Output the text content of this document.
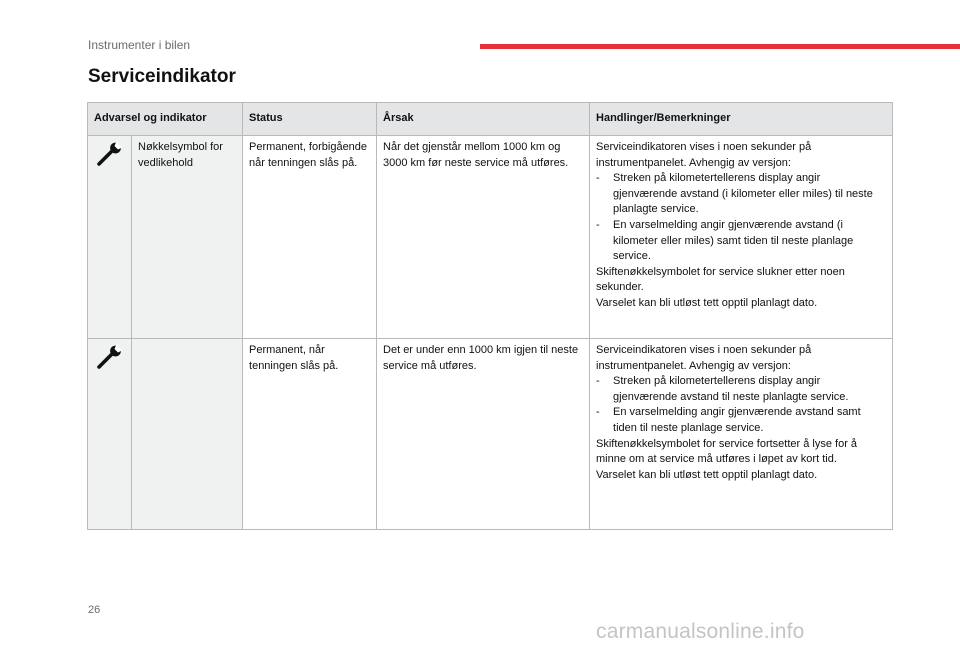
Instrumenter i bilen
Serviceindikator
Advarsel og indikator		Status	Årsak	Handlinger/Bemerkninger
	Nøkkelsymbol for vedlikehold	Permanent, forbigående når tenningen slås på.	Når det gjenstår mellom 1000 km og 3000 km før neste service må utføres.	Serviceindikatoren vises i noen sekunder på instrumentpanelet. Avhengig av versjon:
- Streken på kilometertellerens display angir gjenværende avstand (i kilometer eller miles) til neste planlagte service.
- En varselmelding angir gjenværende avstand (i kilometer eller miles) samt tiden til neste planlage service.
Skiftenøkkelsymbolet for service slukner etter noen sekunder.
Varselet kan bli utløst tett opptil planlagt dato.

		Permanent, når tenningen slås på.	Det er under enn 1000 km igjen til neste service må utføres.	Serviceindikatoren vises i noen sekunder på instrumentpanelet. Avhengig av versjon:
- Streken på kilometertellerens display angir gjenværende avstand til neste planlagte service.
- En varselmelding angir gjenværende avstand samt tiden til neste planlage service.
Skiftenøkkelsymbolet for service fortsetter å lyse for å minne om at service må utføres i løpet av kort tid.
Varselet kan bli utløst tett opptil planlagt dato.
26
carmanualsonline.info
